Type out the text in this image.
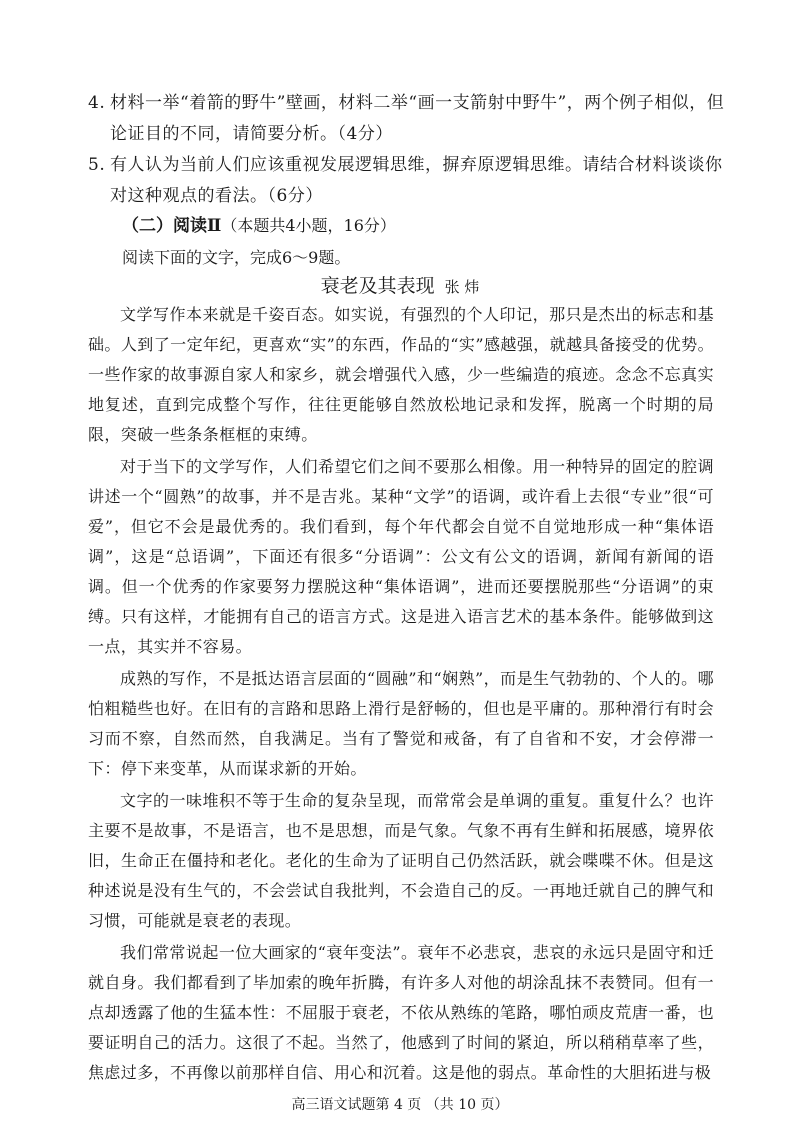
4. 材料一举“着箭的野牛”壁画，材料二举“画一支箭射中野牛”，两个例子相似，但论证目的不同，请简要分析。（4分）
5. 有人认为当前人们应该重视发展逻辑思维，摒弃原逻辑思维。请结合材料谈谈你对这种观点的看法。（6分）
（二）阅读Ⅱ（本题共4小题，16分）
阅读下面的文字，完成6～9题。
衰老及其表现 张 炜

文学写作本来就是千姿百态。如实说，有强烈的个人印记，那只是杰出的标志和基础。人到了一定年纪，更喜欢“实”的东西，作品的“实”感越强，就越具备接受的优势。一些作家的故事源自家人和家乡，就会增强代入感，少一些编造的痕迹。念念不忘真实地复述，直到完成整个写作，往往更能够自然放松地记录和发挥，脱离一个时期的局限，突破一些条条框框的束缚。

对于当下的文学写作，人们希望它们之间不要那么相像。用一种特异的固定的腔调讲述一个“圆熟”的故事，并不是吉兆。某种“文学”的语调，或许看上去很“专业”很“可爱”，但它不会是最优秀的。我们看到，每个年代都会自觉不自觉地形成一种“集体语调”，这是“总语调”，下面还有很多“分语调”：公文有公文的语调，新闻有新闻的语调。但一个优秀的作家要努力摆脱这种“集体语调”，进而还要摆脱那些“分语调”的束缚。只有这样，才能拥有自己的语言方式。这是进入语言艺术的基本条件。能够做到这一点，其实并不容易。

成熟的写作，不是抵达语言层面的“圆融”和“娴熟”，而是生气勃勃的、个人的。哪怕粗糙些也好。在旧有的言路和思路上滑行是舒畅的，但也是平庸的。那种滑行有时会习而不察，自然而然，自我满足。当有了警觉和戒备，有了自省和不安，才会停滞一下：停下来变革，从而谋求新的开始。

文字的一味堆积不等于生命的复杂呈现，而常常会是单调的重复。重复什么？也许主要不是故事，不是语言，也不是思想，而是气象。气象不再有生鲜和拓展感，境界依旧，生命正在僵持和老化。老化的生命为了证明自己仍然活跃，就会喋喋不休。但是这种述说是没有生气的，不会尝试自我批判，不会造自己的反。一再地迁就自己的脾气和习惯，可能就是衰老的表现。

我们常常说起一位大画家的“衰年变法”。衰年不必悲哀，悲哀的永远只是固守和迁就自身。我们都看到了毕加索的晚年折腾，有许多人对他的胡涂乱抹不表赞同。但有一点却透露了他的生猛本性：不屈服于衰老，不依从熟练的笔路，哪怕顽皮荒唐一番，也要证明自己的活力。这很了不起。当然了，他感到了时间的紧迫，所以稍稍草率了些，焦虑过多，不再像以前那样自信、用心和沉着。这是他的弱点。革命性的大胆拓进与极

高三语文试题第 4 页 （共 10 页）
